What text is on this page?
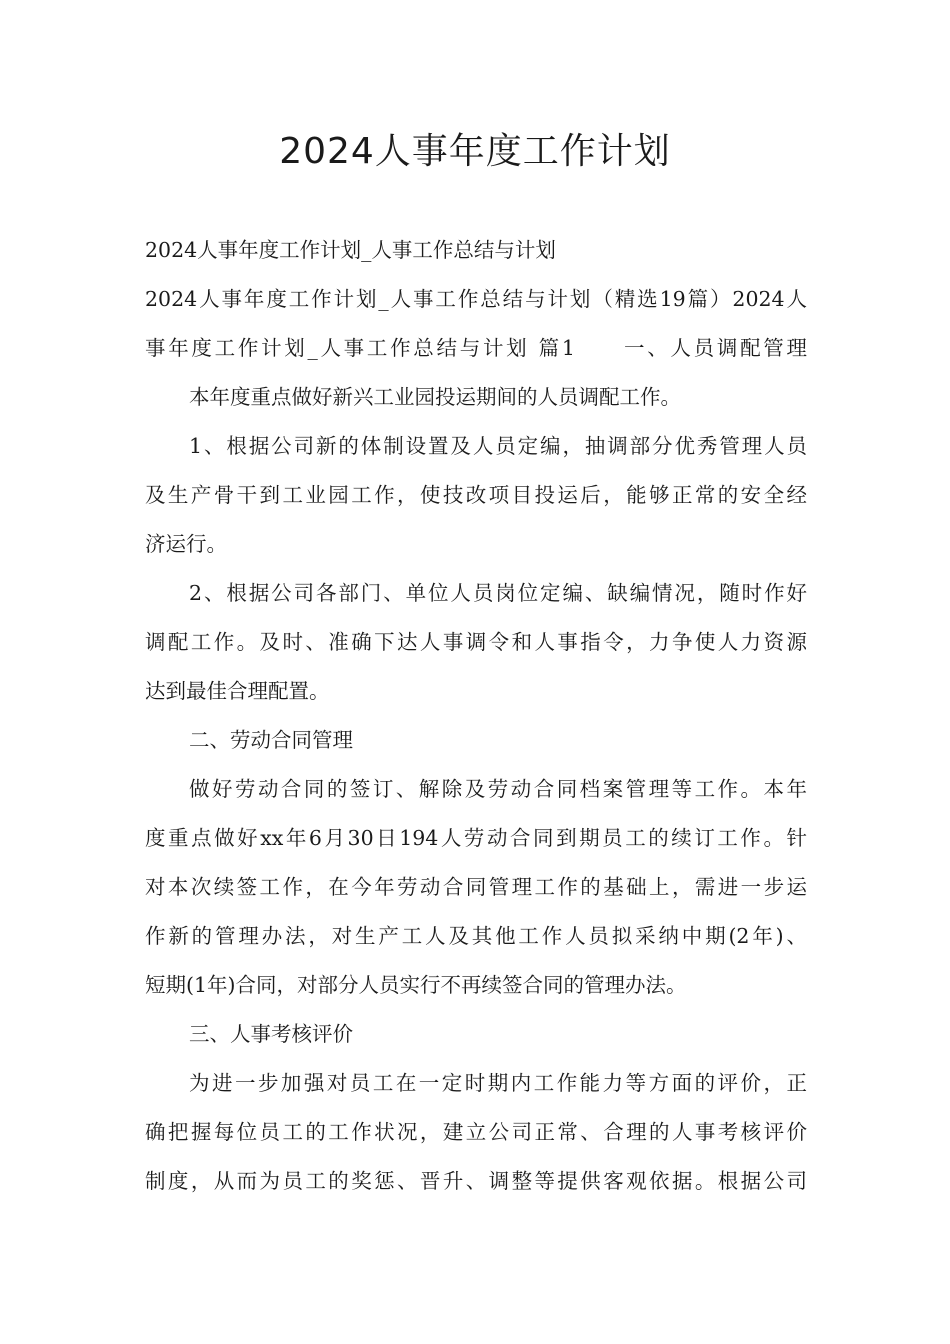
2024人事年度工作计划

2024人事年度工作计划_人事工作总结与计划

2024人事年度工作计划_人事工作总结与计划（精选19篇）2024人

事年度工作计划_人事工作总结与计划 篇1　　一、人员调配管理

本年度重点做好新兴工业园投运期间的人员调配工作。

1、根据公司新的体制设置及人员定编，抽调部分优秀管理人员

及生产骨干到工业园工作，使技改项目投运后，能够正常的安全经

济运行。

2、根据公司各部门、单位人员岗位定编、缺编情况，随时作好

调配工作。及时、准确下达人事调令和人事指令，力争使人力资源

达到最佳合理配置。

二、劳动合同管理

做好劳动合同的签订、解除及劳动合同档案管理等工作。本年

度重点做好xx年6月30日194人劳动合同到期员工的续订工作。针

对本次续签工作，在今年劳动合同管理工作的基础上，需进一步运

作新的管理办法，对生产工人及其他工作人员拟采纳中期(2年)、

短期(1年)合同，对部分人员实行不再续签合同的管理办法。

三、人事考核评价

为进一步加强对员工在一定时期内工作能力等方面的评价，正

确把握每位员工的工作状况，建立公司正常、合理的人事考核评价

制度，从而为员工的奖惩、晋升、调整等提供客观依据。根据公司
